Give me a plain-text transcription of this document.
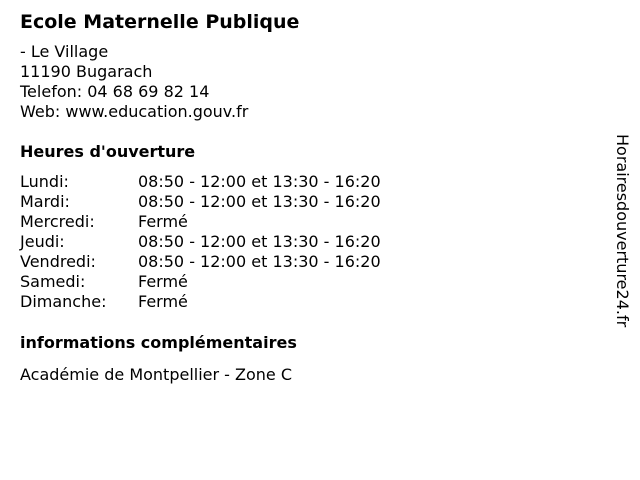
Ecole Maternelle Publique
- Le Village
11190 Bugarach
Telefon: 04 68 69 82 14
Web: www.education.gouv.fr
Heures d'ouverture
Lundi:	08:50 - 12:00 et 13:30 - 16:20
Mardi:	08:50 - 12:00 et 13:30 - 16:20
Mercredi:	Fermé
Jeudi:	08:50 - 12:00 et 13:30 - 16:20
Vendredi:	08:50 - 12:00 et 13:30 - 16:20
Samedi:	Fermé
Dimanche:	Fermé
informations complémentaires
Académie de Montpellier - Zone C
Horairesdouverture24.fr
